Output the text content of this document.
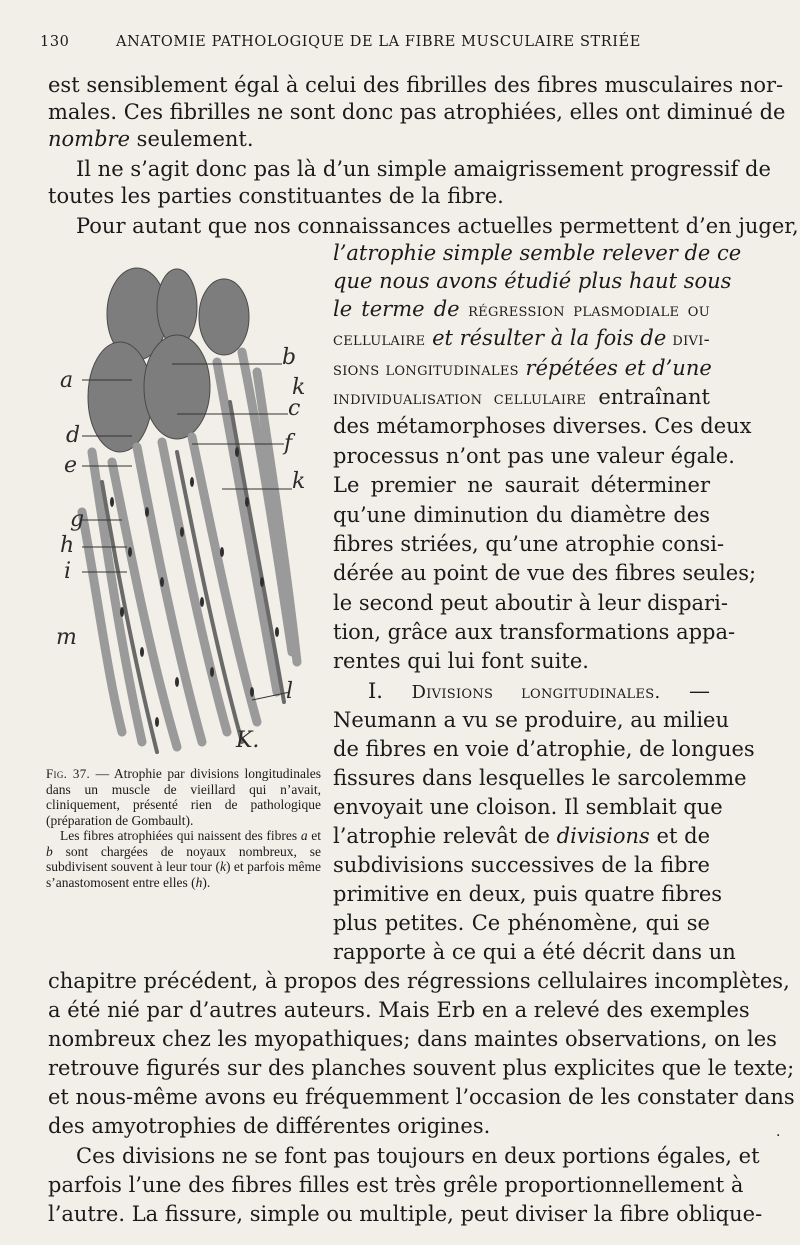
130	ANATOMIE PATHOLOGIQUE DE LA FIBRE MUSCULAIRE STRIÉE
est sensiblement égal à celui des fibrilles des fibres musculaires nor-
males. Ces fibrilles ne sont donc pas atrophiées, elles ont diminué de
nombre seulement.
Il ne s’agit donc pas là d’un simple amaigrissement progressif de
toutes les parties constituantes de la fibre.
Pour autant que nos connaissances actuelles permettent d’en juger,
l’atrophie simple semble relever de ce
que nous avons étudié plus haut sous
le terme de régression plasmodiale ou
cellulaire et résulter à la fois de divi-
sions longitudinales répétées et d’une
individualisation cellulaire entraînant
des métamorphoses diverses. Ces deux
processus n’ont pas une valeur égale.
Le premier ne saurait déterminer
qu’une diminution du diamètre des
fibres striées, qu’une atrophie consi-
dérée au point de vue des fibres seules;
le second peut aboutir à leur dispari-
tion, grâce aux transformations appa-
rentes qui lui font suite.
I. Divisions longitudinales. —
Neumann a vu se produire, au milieu
de fibres en voie d’atrophie, de longues
fissures dans lesquelles le sarcolemme
envoyait une cloison. Il semblait que
l’atrophie relevât de divisions et de
subdivisions successives de la fibre
primitive en deux, puis quatre fibres
plus petites. Ce phénomène, qui se
rapporte à ce qui a été décrit dans un
chapitre précédent, à propos des régressions cellulaires incomplètes,
a été nié par d’autres auteurs. Mais Erb en a relevé des exemples
nombreux chez les myopathiques; dans maintes observations, on les
retrouve figurés sur des planches souvent plus explicites que le texte;
et nous-même avons eu fréquemment l’occasion de les constater dans
des amyotrophies de différentes origines.
Ces divisions ne se font pas toujours en deux portions égales, et
parfois l’une des fibres filles est très grêle proportionnellement à
l’autre. La fissure, simple ou multiple, peut diviser la fibre oblique-
a
d
e
g
h
i
m
b
c
k
f
k
l
K.

Fig. 37. — Atrophie par divisions longitudinales dans un muscle de vieillard qui n’avait, cliniquement, présenté rien de pathologique (préparation de Gombault).

Les fibres atrophiées qui naissent des fibres a et b sont chargées de noyaux nombreux, se subdivisent souvent à leur tour (k) et parfois même s’anastomosent entre elles (h).

·
